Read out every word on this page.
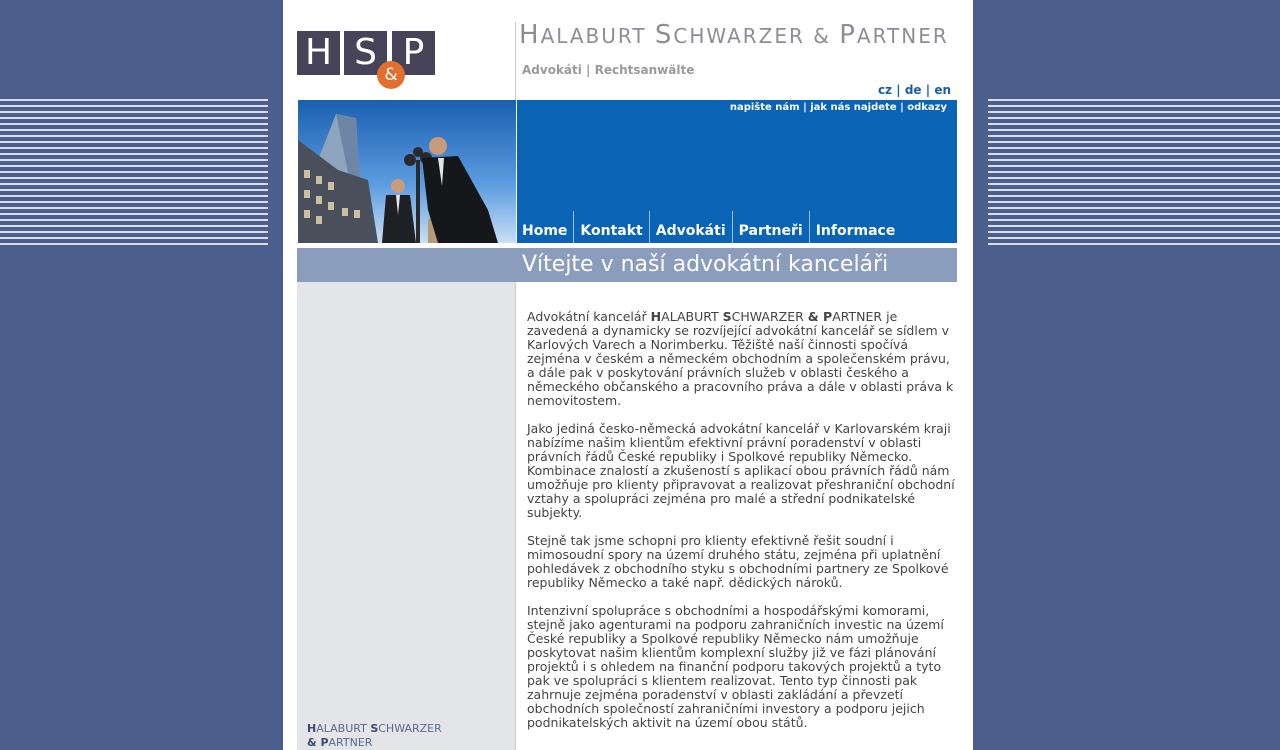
H S P
&
HALABURT SCHWARZER & PARTNER
Advokáti | Rechtsanwälte
cz | de | en
napište nám | jak nás najdete | odkazy
Home Kontakt Advokáti Partneři Informace
Vítejte v naší advokátní kanceláři
HALABURT SCHWARZER
& PARTNER

Advokátní kancelář HALABURT SCHWARZER & PARTNER je zavedená a dynamicky se rozvíjející advokátní kancelář se sídlem v Karlových Varech a Norimberku. Těžiště naší činnosti spočívá zejména v českém a německém obchodním a společenském právu, a dále pak v poskytování právních služeb v oblasti českého a německého občanského a pracovního práva a dále v oblasti práva k nemovitostem.

Jako jediná česko-německá advokátní kancelář v Karlovarském kraji nabízíme našim klientům efektivní právní poradenství v oblasti právních řádů České republiky i Spolkové republiky Německo. Kombinace znalostí a zkušeností s aplikací obou právních řádů nám umožňuje pro klienty připravovat a realizovat přeshraniční obchodní vztahy a spolupráci zejména pro malé a střední podnikatelské subjekty.

Stejně tak jsme schopni pro klienty efektivně řešit soudní i mimosoudní spory na území druhého státu, zejména při uplatnění pohledávek z obchodního styku s obchodními partnery ze Spolkové republiky Německo a také např. dědických nároků.

Intenzivní spolupráce s obchodními a hospodářskými komorami, stejně jako agenturami na podporu zahraničních investic na území České republiky a Spolkové republiky Německo nám umožňuje poskytovat našim klientům komplexní služby již ve fázi plánování projektů i s ohledem na finanční podporu takových projektů a tyto pak ve spolupráci s klientem realizovat. Tento typ činnosti pak zahrnuje zejména poradenství v oblasti zakládání a převzetí obchodních společností zahraničními investory a podporu jejich podnikatelských aktivit na území obou států.
